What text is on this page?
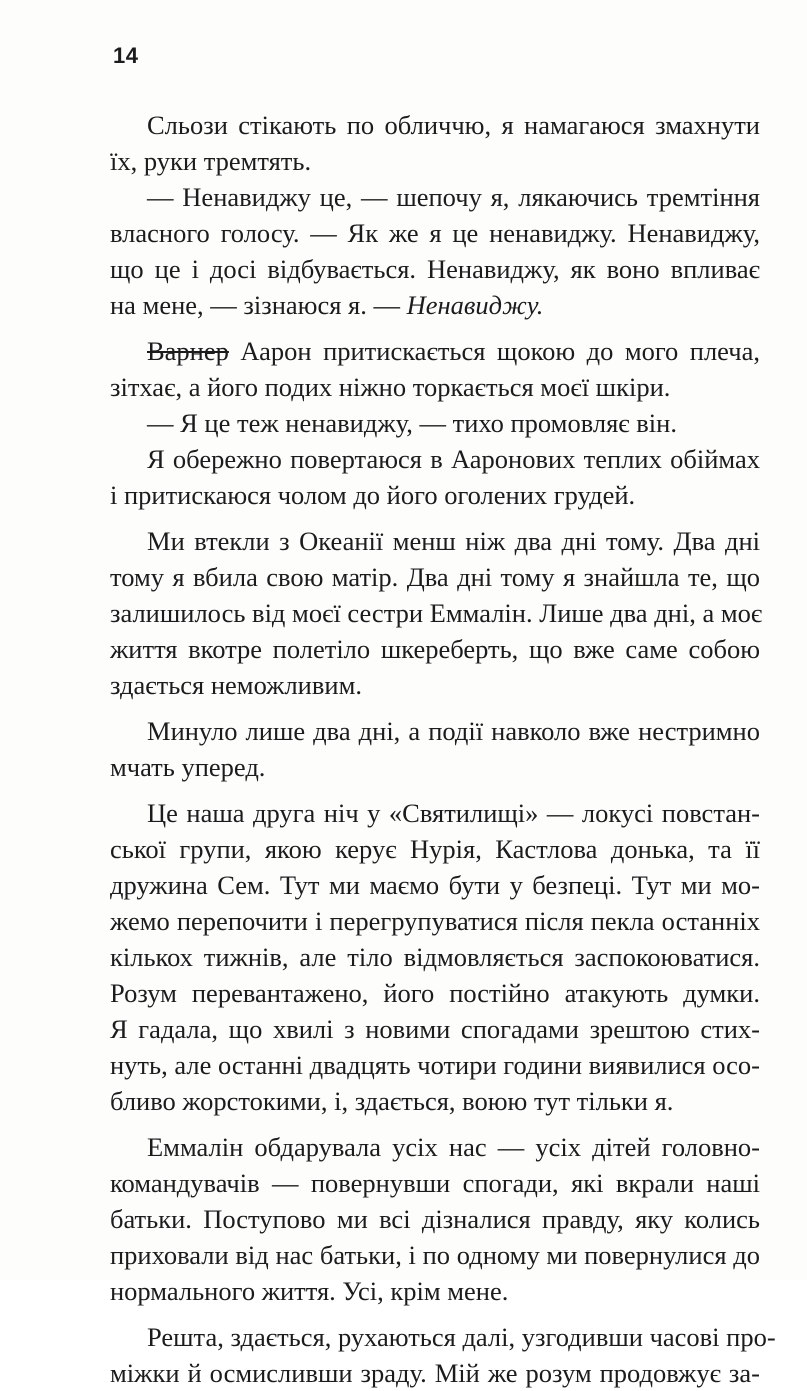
14
Сльози стікають по обличчю, я намагаюся змахнути
їх, руки тремтять.
— Ненавиджу це, — шепочу я, лякаючись тремтіння
власного голосу. — Як же я це ненавиджу. Ненавиджу,
що це і досі відбувається. Ненавиджу, як воно впливає
на мене, — зізнаюся я. — Ненавиджу.
Варнер Аарон притискається щокою до мого плеча,
зітхає, а його подих ніжно торкається моєї шкіри.
— Я це теж ненавиджу, — тихо промовляє він.
Я обережно повертаюся в Ааронових теплих обіймах
і притискаюся чолом до його оголених грудей.
Ми втекли з Океанії менш ніж два дні тому. Два дні
тому я вбила свою матір. Два дні тому я знайшла те, що
залишилось від моєї сестри Еммалін. Лише два дні, а моє
життя вкотре полетіло шкереберть, що вже саме собою
здається неможливим.
Минуло лише два дні, а події навколо вже нестримно
мчать уперед.
Це наша друга ніч у «Святилищі» — локусі повстан-
ської групи, якою керує Нурія, Кастлова донька, та її
дружина Сем. Тут ми маємо бути у безпеці. Тут ми мо-
жемо перепочити і перегрупуватися після пекла останніх
кількох тижнів, але тіло відмовляється заспокоюватися.
Розум перевантажено, його постійно атакують думки.
Я гадала, що хвилі з новими спогадами зрештою стих-
нуть, але останні двадцять чотири години виявилися осо-
бливо жорстокими, і, здається, воюю тут тільки я.
Еммалін обдарувала усіх нас — усіх дітей головно-
командувачів — повернувши спогади, які вкрали наші
батьки. Поступово ми всі дізналися правду, яку колись
приховали від нас батьки, і по одному ми повернулися до
нормального життя. Усі, крім мене.
Решта, здається, рухаються далі, узгодивши часові про-
міжки й осмисливши зраду. Мій же розум продовжує за-
